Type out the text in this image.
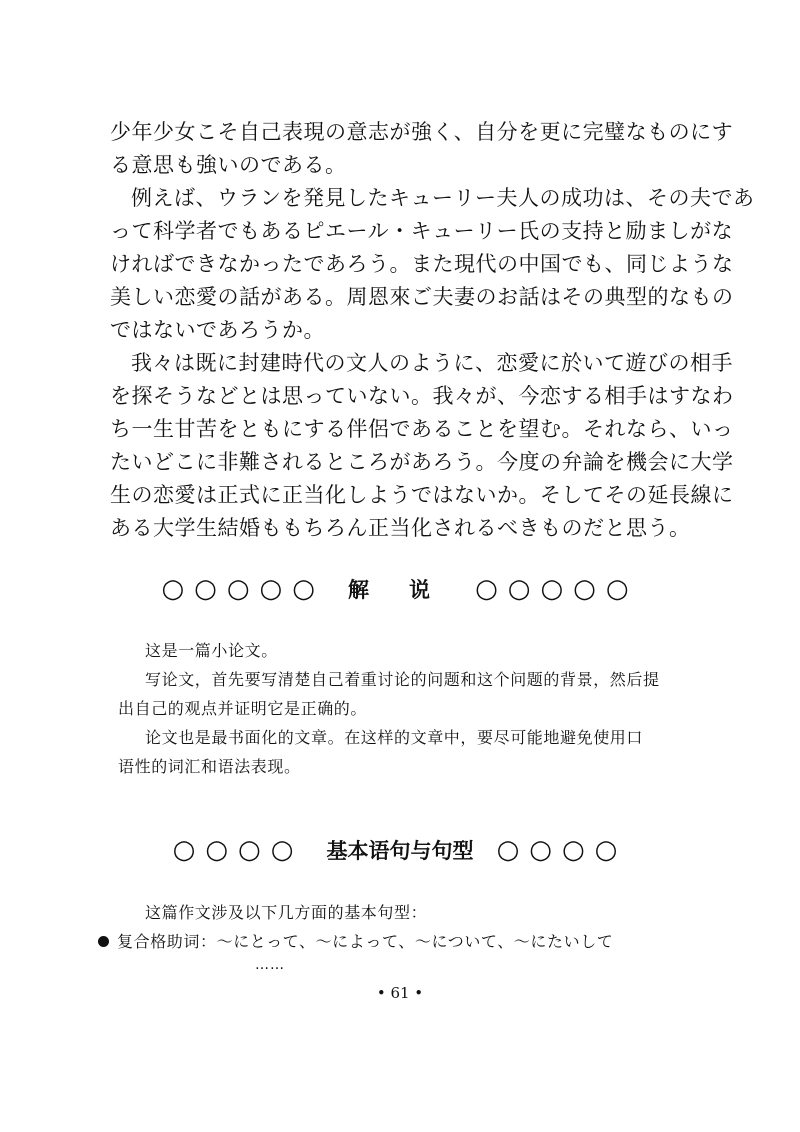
少年少女こそ自己表現の意志が強く、自分を更に完璧なものにす
る意思も強いのである。
例えば、ウランを発見したキューリー夫人の成功は、その夫であ
って科学者でもあるピエール・キューリー氏の支持と励ましがな
ければできなかったであろう。また現代の中国でも、同じような
美しい恋愛の話がある。周恩來ご夫妻のお話はその典型的なもの
ではないであろうか。
我々は既に封建時代の文人のように、恋愛に於いて遊びの相手
を探そうなどとは思っていない。我々が、今恋する相手はすなわ
ち一生甘苦をともにする伴侶であることを望む。それなら、いっ
たいどこに非難されるところがあろう。今度の弁論を機会に大学
生の恋愛は正式に正当化しようではないか。そしてその延長線に
ある大学生結婚ももちろん正当化されるべきものだと思う。
○○○○○ 解说 ○○○○○
这是一篇小论文。
写论文，首先要写清楚自己着重讨论的问题和这个问题的背景，然后提
出自己的观点并证明它是正确的。
论文也是最书面化的文章。在这样的文章中，要尽可能地避免使用口
语性的词汇和语法表现。
○○○○ 基本语句与句型 ○○○○
这篇作文涉及以下几方面的基本句型：
复合格助词：～にとって、～によって、～について、～にたいして
……
• 61 •
